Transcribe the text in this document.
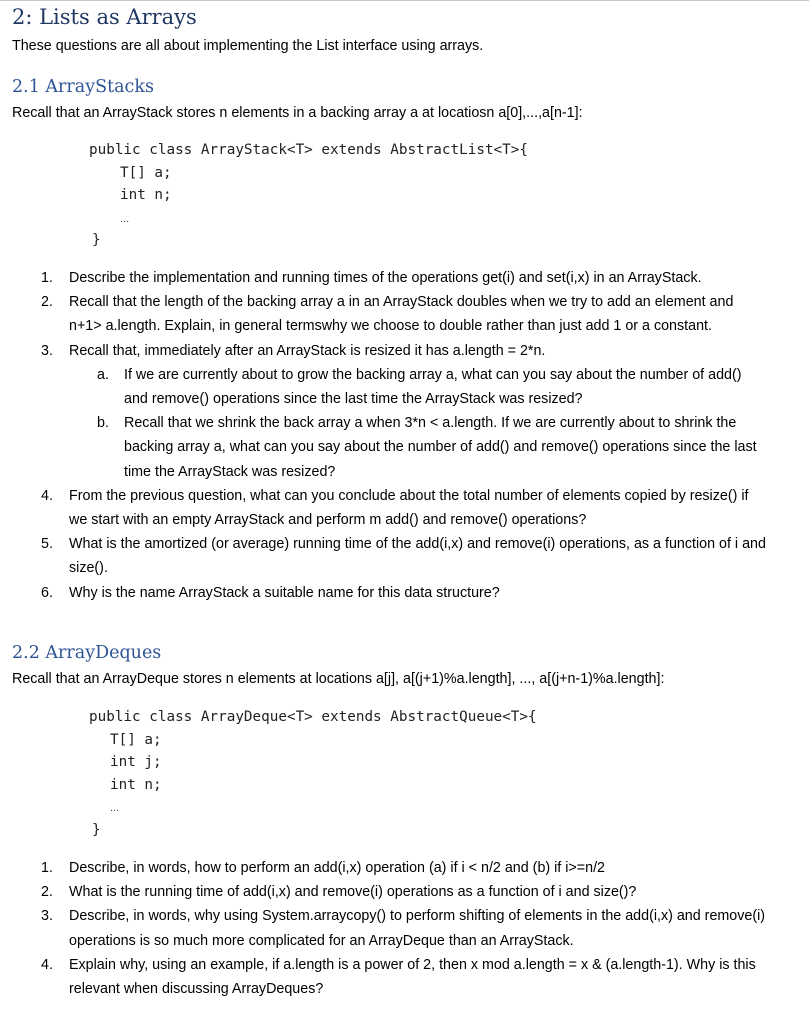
2: Lists as Arrays

These questions are all about implementing the List interface using arrays.

2.1 ArrayStacks

Recall that an ArrayStack stores n elements in a backing array a at locatiosn a[0],...,a[n-1]:

public class ArrayStack<T> extends AbstractList<T>{
T[] a;
int n;
...
}
1. Describe the implementation and running times of the operations get(i) and set(i,x) in an ArrayStack.
2. Recall that the length of the backing array a in an ArrayStack doubles when we try to add an element and n+1> a.length. Explain, in general termswhy we choose to double rather than just add 1 or a constant.
3. Recall that, immediately after an ArrayStack is resized it has a.length = 2*n.
a. If we are currently about to grow the backing array a, what can you say about the number of add() and remove() operations since the last time the ArrayStack was resized?
b. Recall that we shrink the back array a when 3*n < a.length. If we are currently about to shrink the backing array a, what can you say about the number of add() and remove() operations since the last time the ArrayStack was resized?
4. From the previous question, what can you conclude about the total number of elements copied by resize() if we start with an empty ArrayStack and perform m add() and remove() operations?
5. What is the amortized (or average) running time of the add(i,x) and remove(i) operations, as a function of i and size().
6. Why is the name ArrayStack a suitable name for this data structure?
2.2 ArrayDeques

Recall that an ArrayDeque stores n elements at locations a[j], a[(j+1)%a.length], ..., a[(j+n-1)%a.length]:

public class ArrayDeque<T> extends AbstractQueue<T>{
T[] a;
int j;
int n;
...
}
1. Describe, in words, how to perform an add(i,x) operation (a) if i < n/2 and (b) if i>=n/2
2. What is the running time of add(i,x) and remove(i) operations as a function of i and size()?
3. Describe, in words, why using System.arraycopy() to perform shifting of elements in the add(i,x) and remove(i) operations is so much more complicated for an ArrayDeque than an ArrayStack.
4. Explain why, using an example, if a.length is a power of 2, then x mod a.length = x & (a.length-1). Why is this relevant when discussing ArrayDeques?
